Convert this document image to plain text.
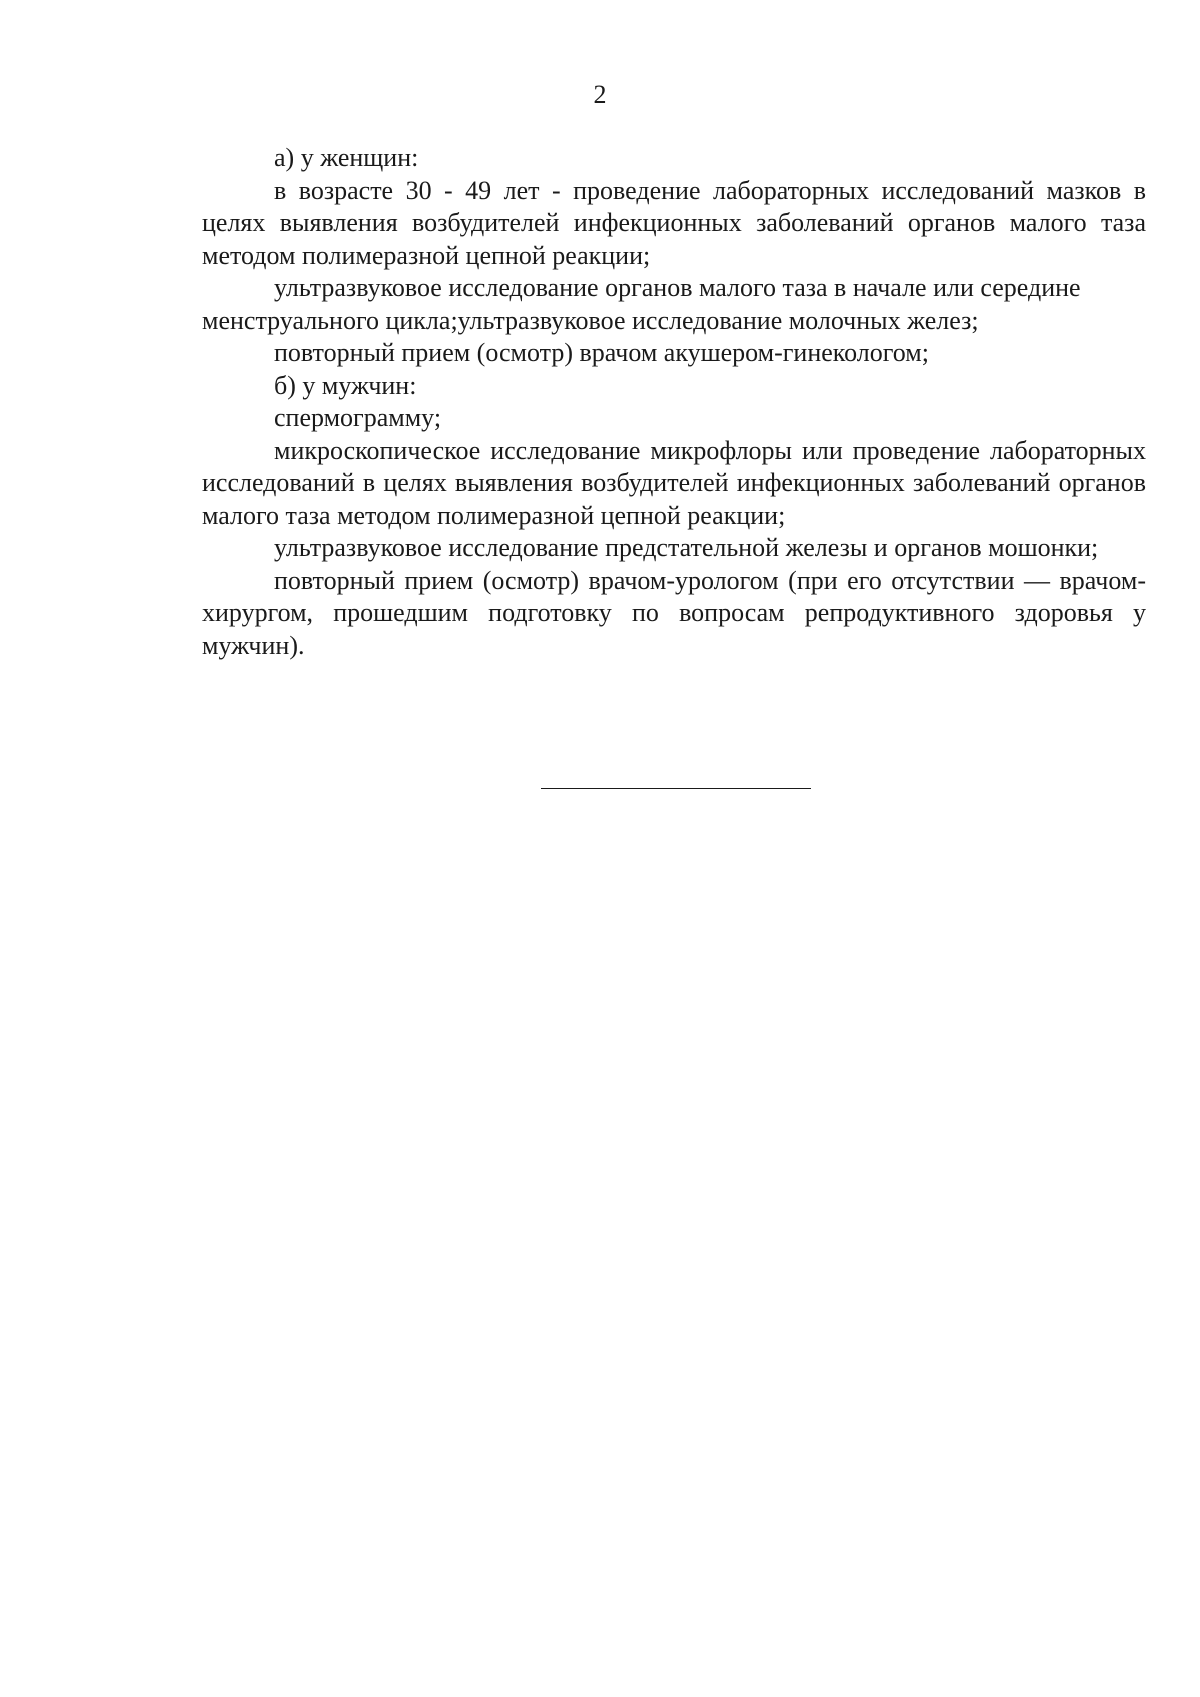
2

а) у женщин:

в возрасте 30 - 49 лет - проведение лабораторных исследований мазков в целях выявления возбудителей инфекционных заболеваний органов малого таза методом полимеразной цепной реакции;

ультразвуковое исследование органов малого таза в начале или середине

менструального цикла;ультразвуковое исследование молочных желез;

повторный прием (осмотр) врачом акушером-гинекологом;

б) у мужчин:

спермограмму;

микроскопическое исследование микрофлоры или проведение лабораторных исследований в целях выявления возбудителей инфекционных заболеваний органов малого таза методом полимеразной цепной реакции;

ультразвуковое исследование предстательной железы и органов мошонки;

повторный прием (осмотр) врачом-урологом (при его отсутствии — врачом-хирургом, прошедшим подготовку по вопросам репродуктивного здоровья у мужчин).
